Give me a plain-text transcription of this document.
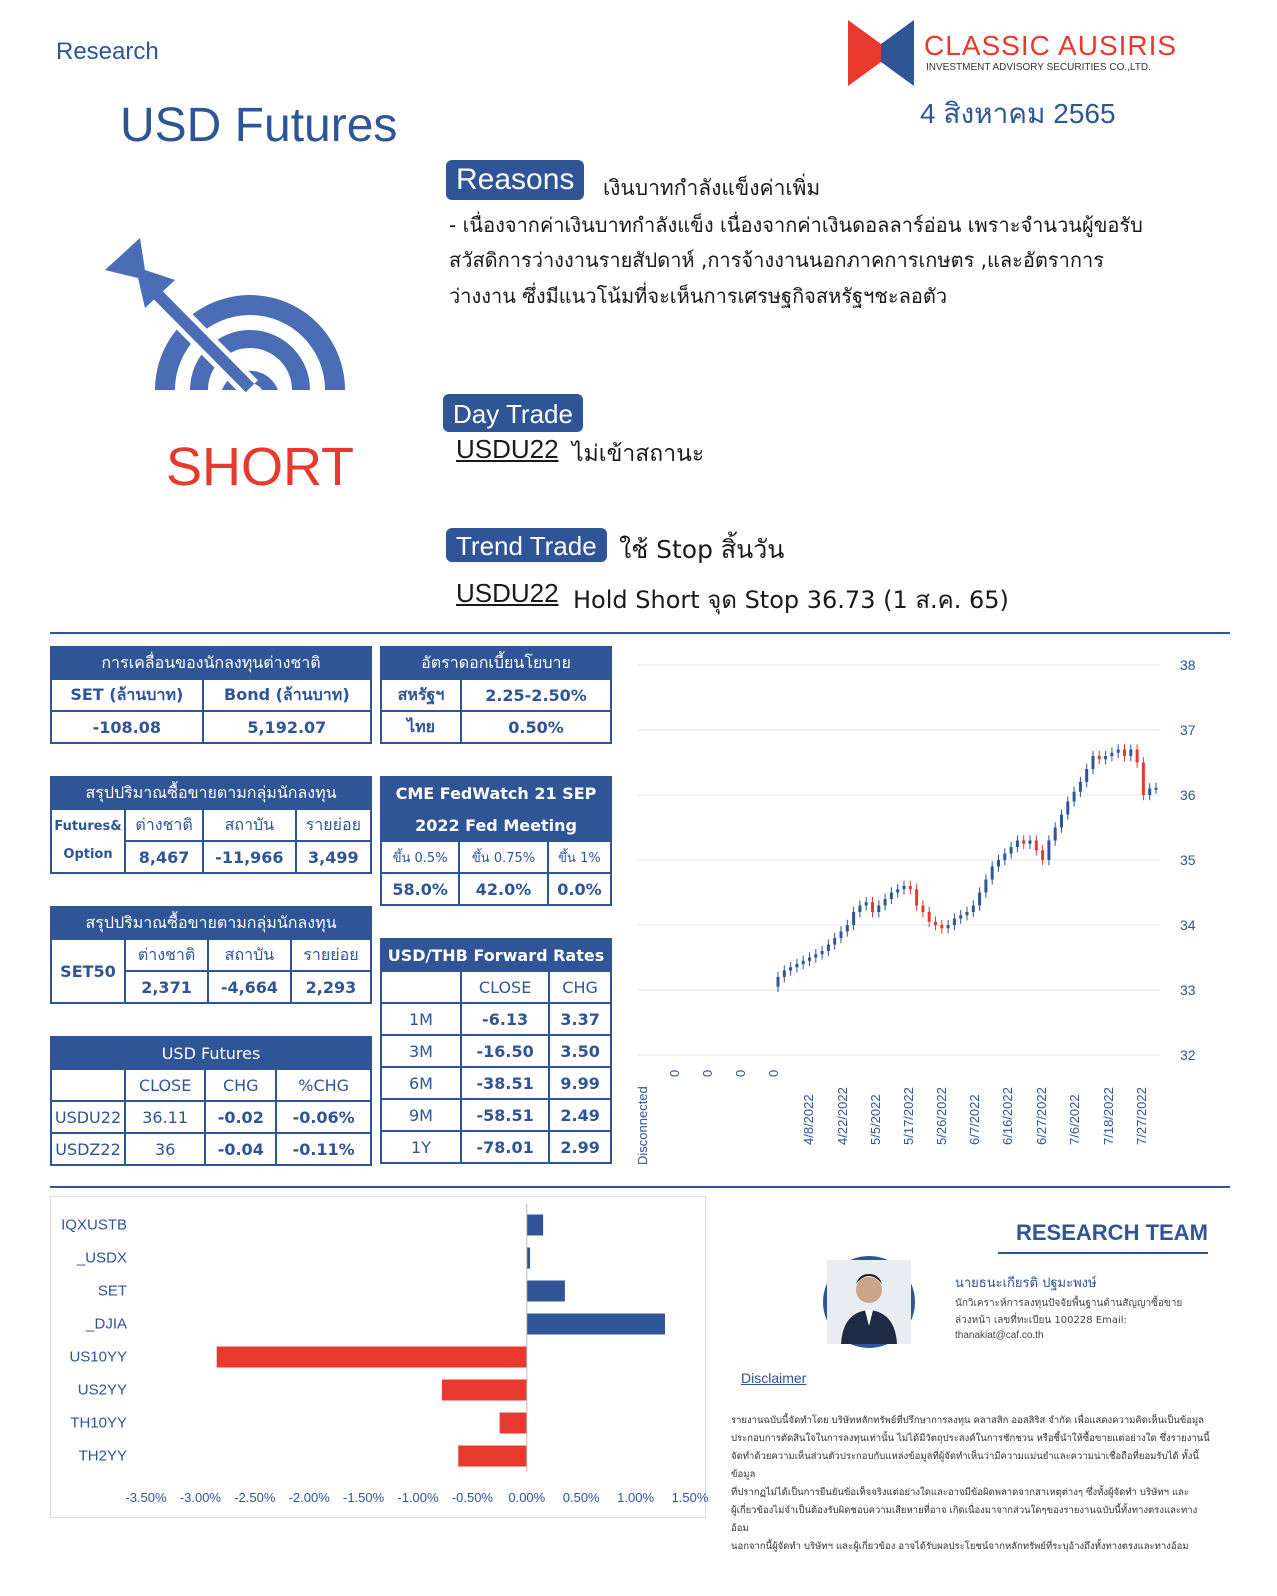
Research
USD Futures
CLASSIC AUSIRIS
INVESTMENT ADVISORY SECURITIES CO.,LTD.
4 สิงหาคม 2565
SHORT
Reasons	เงินบาทกำลังแข็งค่าเพิ่ม
- เนื่องจากค่าเงินบาทกำลังแข็ง เนื่องจากค่าเงินดอลลาร์อ่อน เพราะจำนวนผู้ขอรับ
สวัสดิการว่างงานรายสัปดาห์ ,การจ้างงานนอกภาคการเกษตร ,และอัตราการ
ว่างงาน ซึ่งมีแนวโน้มที่จะเห็นการเศรษฐกิจสหรัฐฯชะลอตัว
Day Trade
USDU22 ไม่เข้าสถานะ
Trend Trade ใช้ Stop สิ้นวัน
USDU22 Hold Short จุด Stop 36.73 (1 ส.ค. 65)
การเคลื่อนของนักลงทุนต่างชาติ	
SET (ล้านบาท)	Bond (ล้านบาท)
-108.08	5,192.07
สรุปปริมาณซื้อขายตามกลุ่มนักลงทุน			
Futures&
Option	ต่างชาติ	สถาบัน	รายย่อย
	8,467	-11,966	3,499
สรุปปริมาณซื้อขายตามกลุ่มนักลงทุน			
SET50	ต่างชาติ	สถาบัน	รายย่อย
	2,371	-4,664	2,293
USD Futures			
	CLOSE	CHG	%CHG
USDU22	36.11	-0.02	-0.06%
USDZ22	36	-0.04	-0.11%
อัตราดอกเบี้ยนโยบาย	
สหรัฐฯ	2.25-2.50%
ไทย	0.50%
CME FedWatch 21 SEP		
2022 Fed Meeting		
ขึ้น 0.5%	ขึ้น 0.75%	ขึ้น 1%
58.0%	42.0%	0.0%
USD/THB Forward Rates		
	CLOSE	CHG
1M	-6.13	3.37
3M	-16.50	3.50
6M	-38.51	9.99
9M	-58.51	2.49
1Y	-78.01	2.99
32
33
34
35
36
37
38
Disconnected
0 0 0 0
4/8/2022 4/22/2022 5/5/2022 5/17/2022 5/26/2022 6/7/2022 6/16/2022 6/27/2022 7/6/2022 7/18/2022 7/27/2022
IQXUSTB
_USDX
SET
_DJIA
US10YY
US2YY
TH10YY
TH2YY
-3.50% -3.00% -2.50% -2.00% -1.50% -1.00% -0.50% 0.00% 0.50% 1.00% 1.50%
RESEARCH TEAM
นายธนะเกียรติ ปฐมะพงษ์
นักวิเคราะห์การลงทุนปัจจัยพื้นฐานด้านสัญญาซื้อขาย
ล่วงหน้า เลขที่ทะเบียน 100228 Email:
thanakiat@caf.co.th
Disclaimer
รายงานฉบับนี้จัดทำโดย บริษัทหลักทรัพย์ที่ปรึกษาการลงทุน คลาสสิก ออสสิริส จำกัด เพื่อแสดงความคิดเห็นเป็นข้อมูล
ประกอบการตัดสินใจในการลงทุนเท่านั้น ไม่ได้มีวัตถุประสงค์ในการชักชวน หรือชี้นำให้ซื้อขายแต่อย่างใด ซึ่งรายงานนี้
จัดทำด้วยความเห็นส่วนตัวประกอบกับแหล่งข้อมูลที่ผู้จัดทำเห็นว่ามีความแม่นยำและความน่าเชื่อถือที่ยอมรับได้ ทั้งนี้ข้อมูล
ที่ปรากฏไม่ได้เป็นการยืนยันข้อเท็จจริงแต่อย่างใดและอาจมีข้อผิดพลาดจากสาเหตุต่างๆ ซึ่งทั้งผู้จัดทำ บริษัทฯ และ
ผู้เกี่ยวข้องไม่จำเป็นต้องรับผิดชอบความเสียหายที่อาจ เกิดเนื่องมาจากส่วนใดๆของรายงานฉบับนี้ทั้งทางตรงและทางอ้อม
นอกจากนี้ผู้จัดทำ บริษัทฯ และผู้เกี่ยวข้อง อาจได้รับผลประโยชน์จากหลักทรัพย์ที่ระบุอ้างถึงทั้งทางตรงและทางอ้อม
